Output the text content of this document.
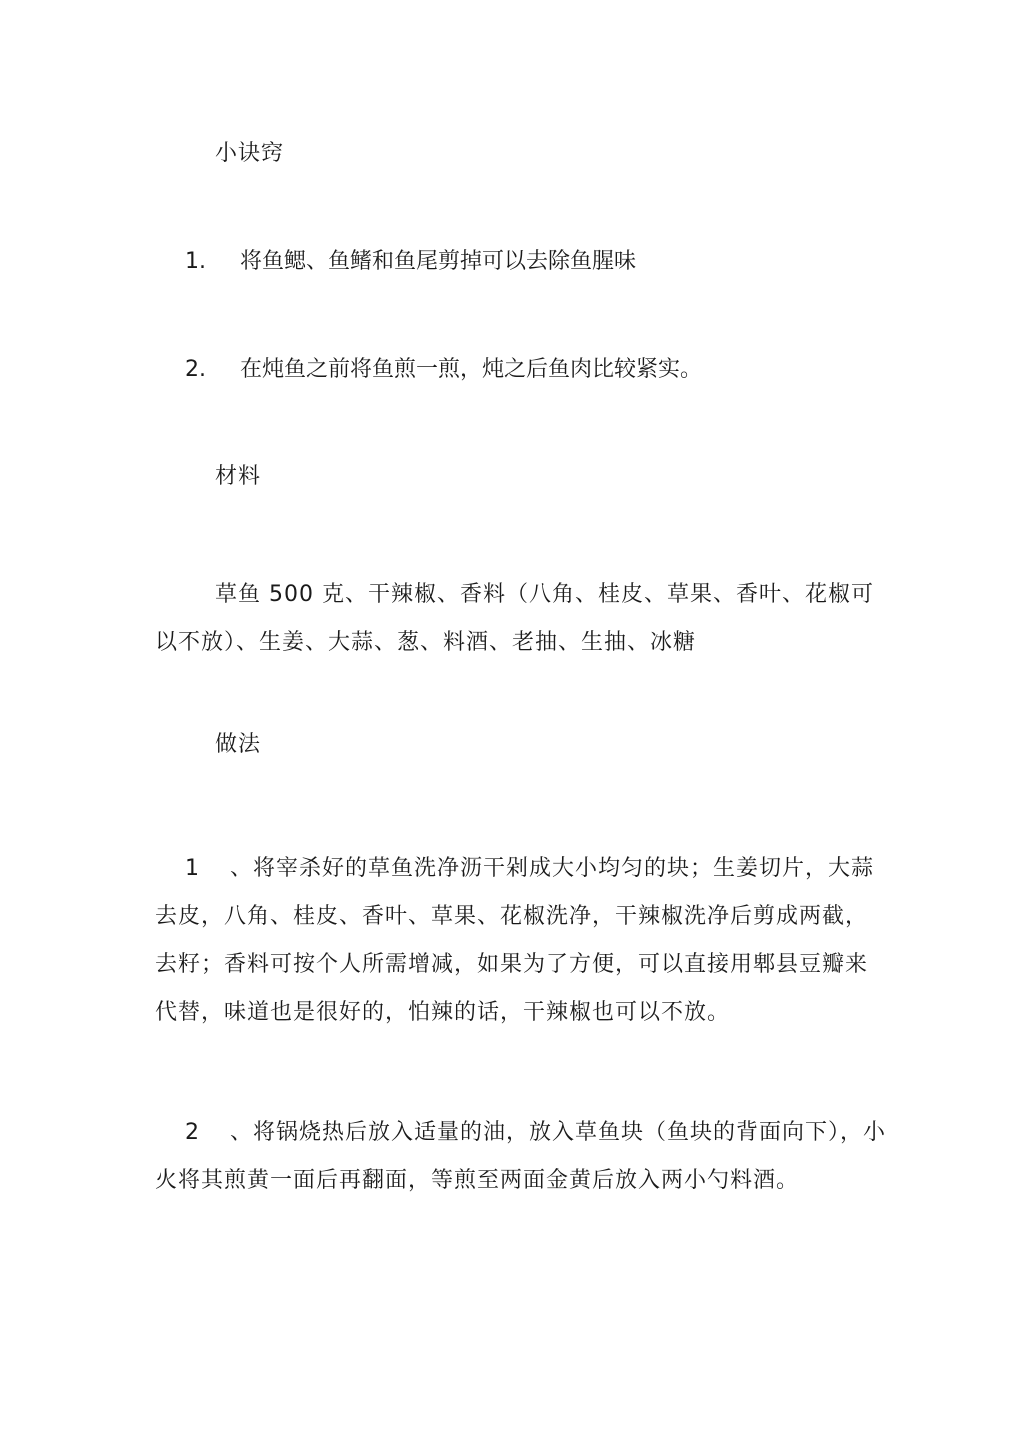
小诀窍
1. 将鱼鳃、鱼鳍和鱼尾剪掉可以去除鱼腥味
2. 在炖鱼之前将鱼煎一煎，炖之后鱼肉比较紧实。
材料
草鱼 500 克、干辣椒、香料（八角、桂皮、草果、香叶、花椒可
以不放）、生姜、大蒜、葱、料酒、老抽、生抽、冰糖
做法
1 、将宰杀好的草鱼洗净沥干剁成大小均匀的块；生姜切片，大蒜
去皮，八角、桂皮、香叶、草果、花椒洗净，干辣椒洗净后剪成两截，
去籽；香料可按个人所需增减，如果为了方便，可以直接用郫县豆瓣来
代替，味道也是很好的，怕辣的话，干辣椒也可以不放。
2 、将锅烧热后放入适量的油，放入草鱼块（鱼块的背面向下），小
火将其煎黄一面后再翻面，等煎至两面金黄后放入两小勺料酒。
